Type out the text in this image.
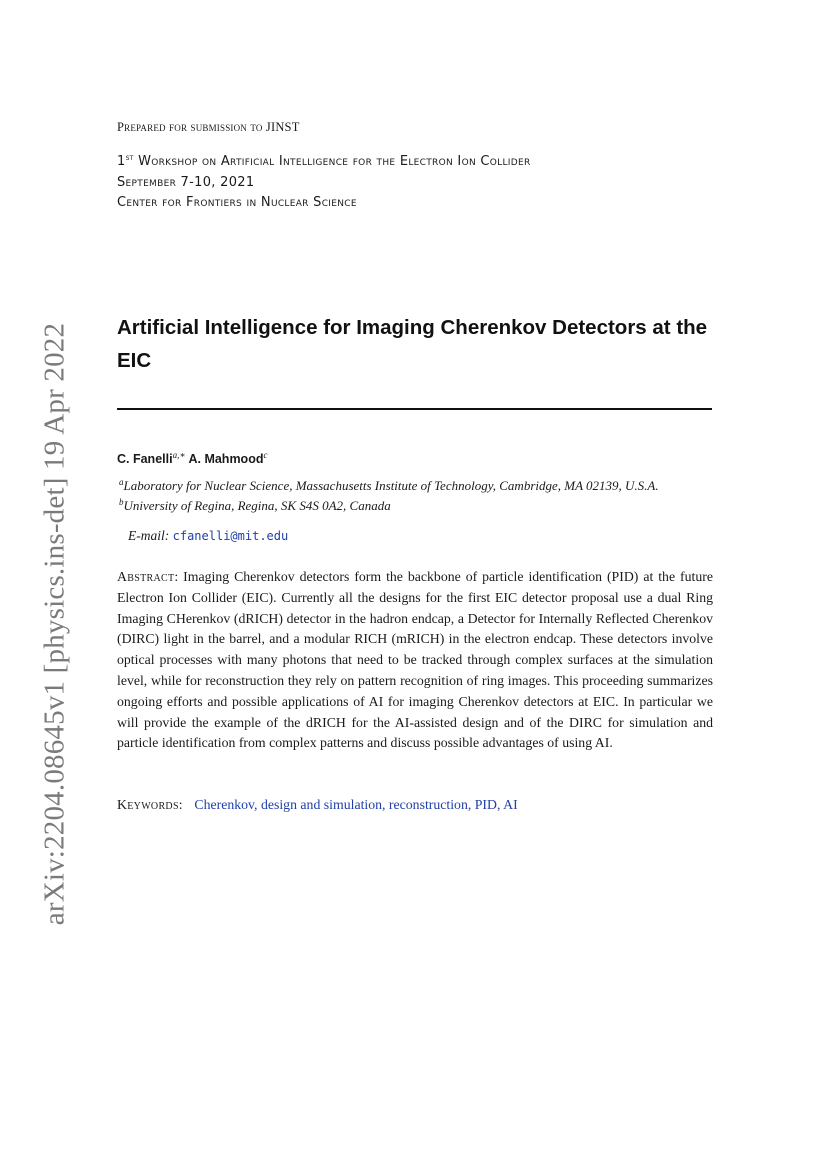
arXiv:2204.08645v1 [physics.ins-det] 19 Apr 2022
Prepared for submission to JINST
1st Workshop on Artificial Intelligence for the Electron Ion Collider
September 7-10, 2021
Center for Frontiers in Nuclear Science
Artificial Intelligence for Imaging Cherenkov Detectors at the EIC
C. Fanelli$^{a,∗}$ A. Mahmood$^c$
$^a$Laboratory for Nuclear Science, Massachusetts Institute of Technology, Cambridge, MA 02139, U.S.A.
$^b$University of Regina, Regina, SK S4S 0A2, Canada
E-mail: cfanelli@mit.edu
Abstract: Imaging Cherenkov detectors form the backbone of particle identification (PID) at the future Electron Ion Collider (EIC). Currently all the designs for the first EIC detector proposal use a dual Ring Imaging CHerenkov (dRICH) detector in the hadron endcap, a Detector for Internally Reflected Cherenkov (DIRC) light in the barrel, and a modular RICH (mRICH) in the electron endcap. These detectors involve optical processes with many photons that need to be tracked through complex surfaces at the simulation level, while for reconstruction they rely on pattern recognition of ring images. This proceeding summarizes ongoing efforts and possible applications of AI for imaging Cherenkov detectors at EIC. In particular we will provide the example of the dRICH for the AI-assisted design and of the DIRC for simulation and particle identification from complex patterns and discuss possible advantages of using AI.
Keywords: Cherenkov, design and simulation, reconstruction, PID, AI
